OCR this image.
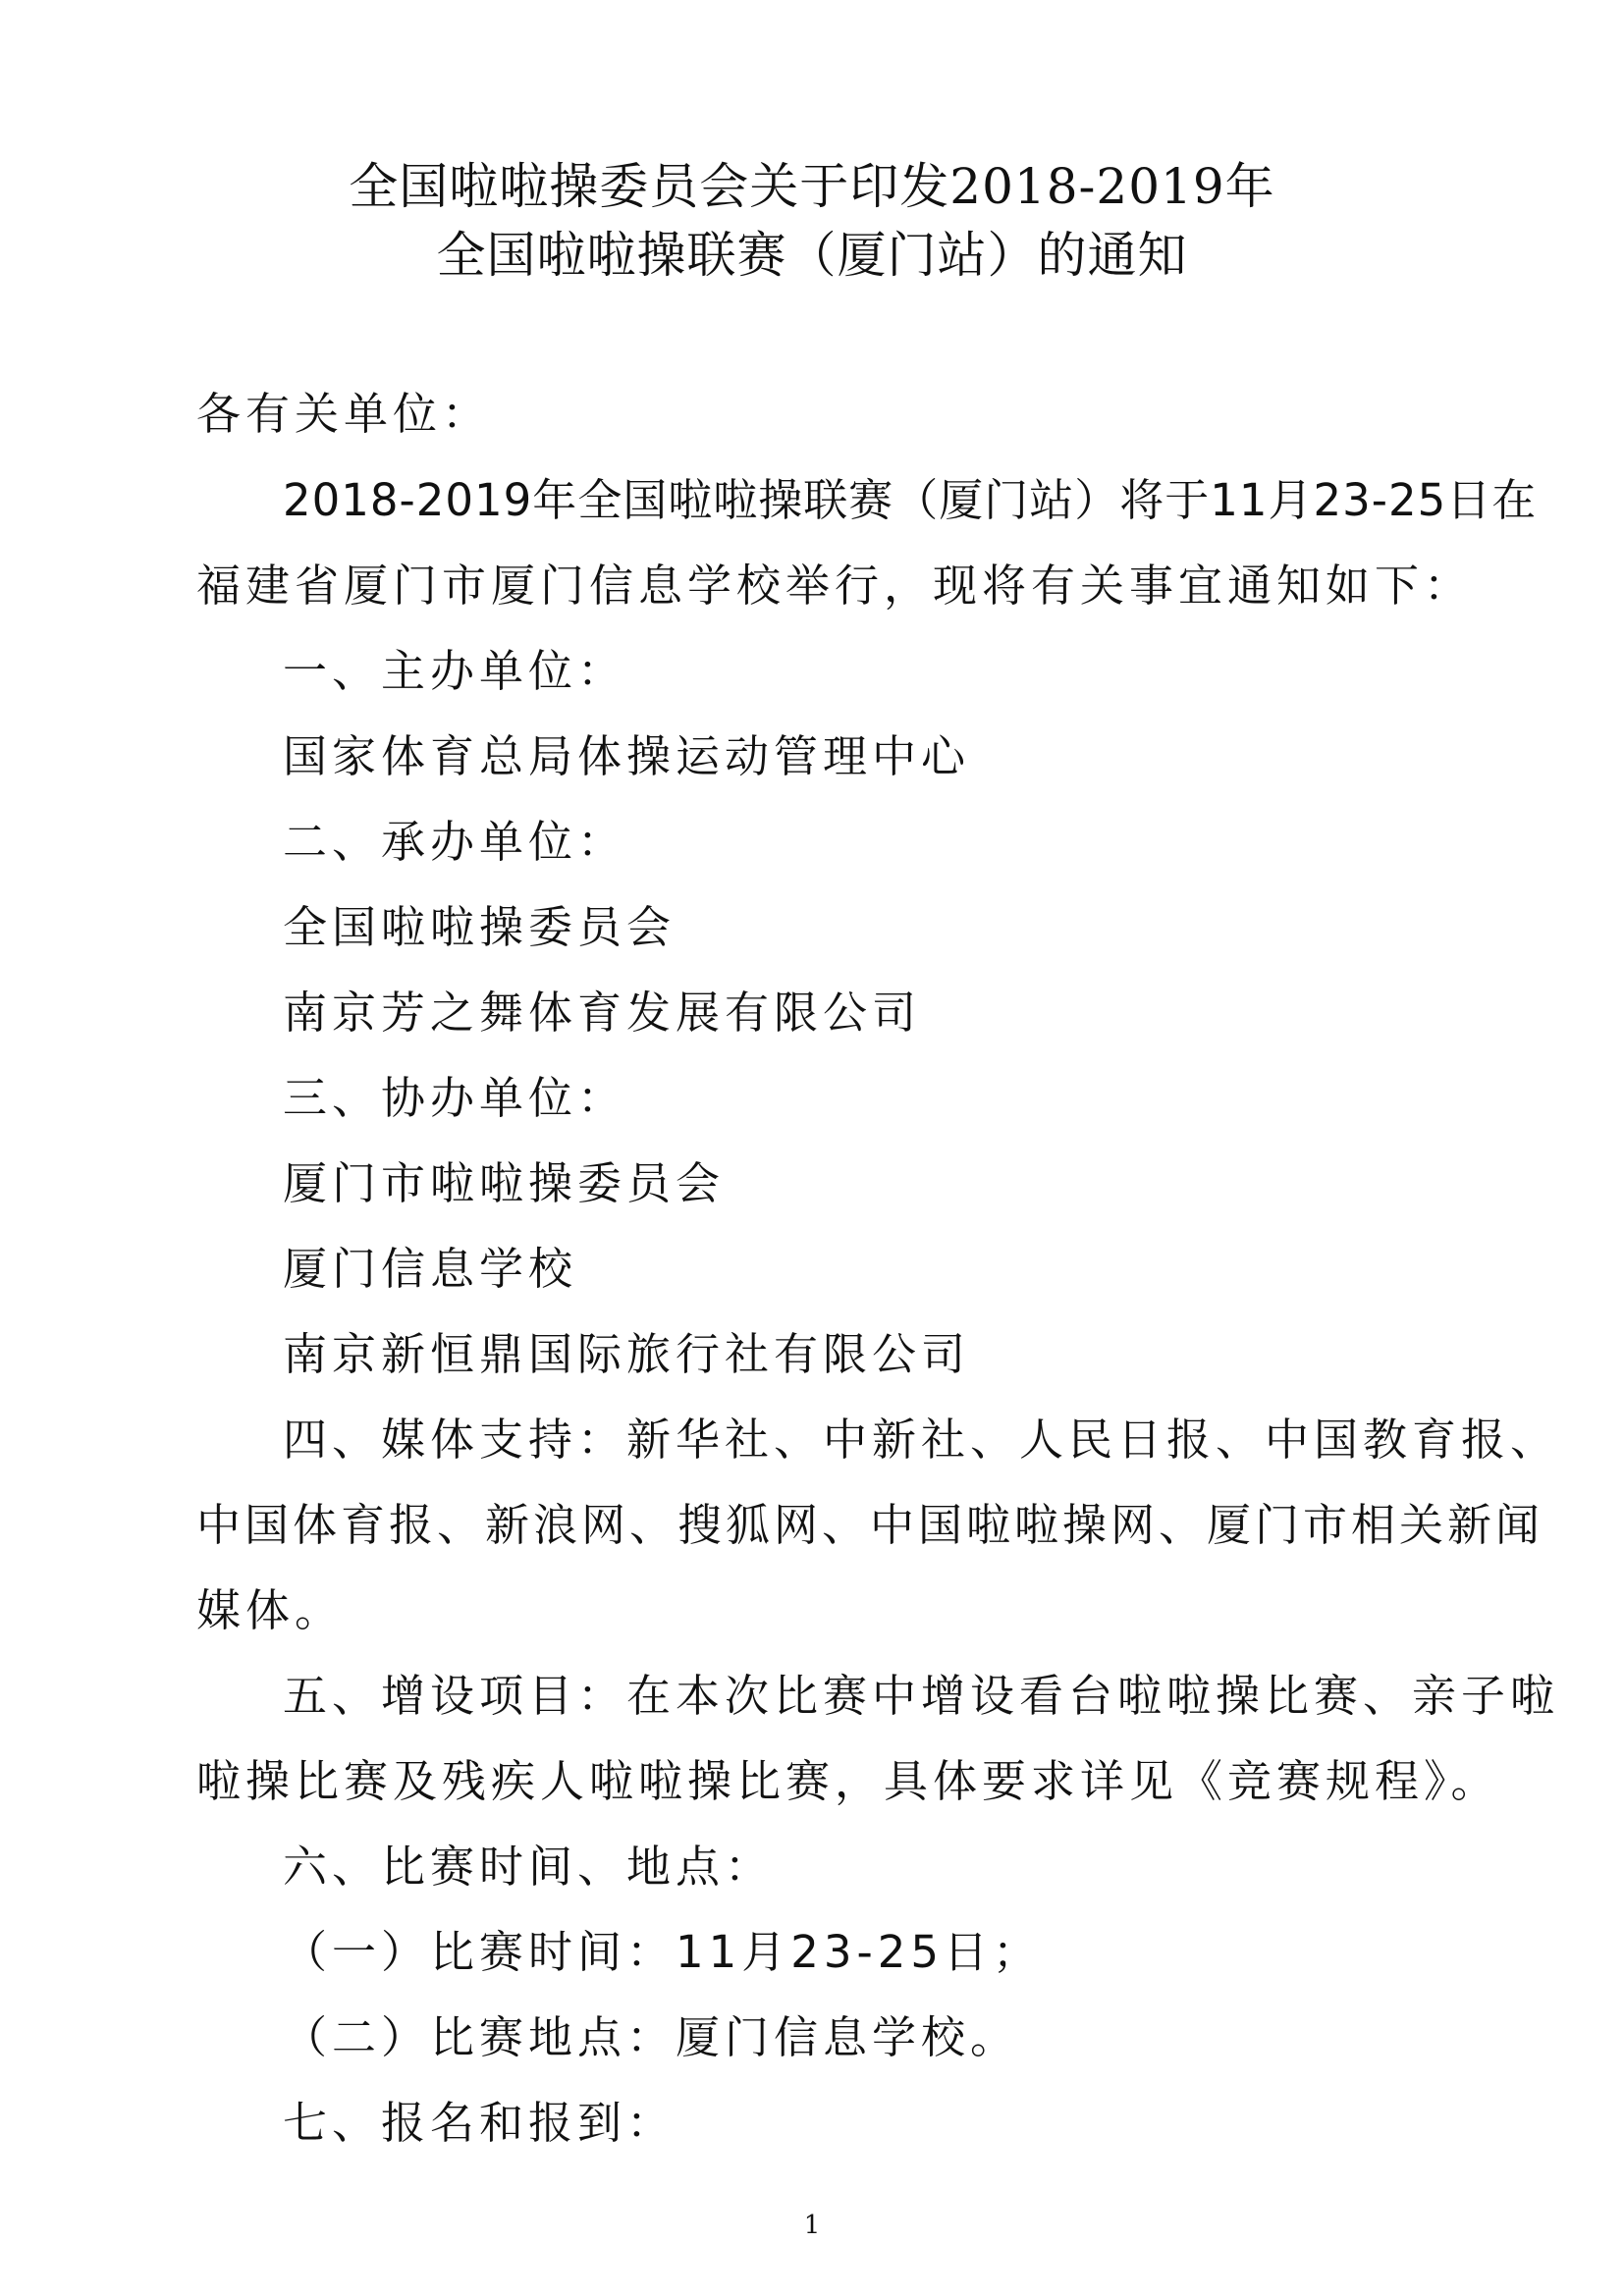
全国啦啦操委员会关于印发2018-2019年
全国啦啦操联赛（厦门站）的通知
各有关单位：
2018-2019年全国啦啦操联赛（厦门站）将于11月23-25日在
福建省厦门市厦门信息学校举行，现将有关事宜通知如下：
一、主办单位：
国家体育总局体操运动管理中心
二、承办单位：
全国啦啦操委员会
南京芳之舞体育发展有限公司
三、协办单位：
厦门市啦啦操委员会
厦门信息学校
南京新恒鼎国际旅行社有限公司
四、媒体支持：新华社、中新社、人民日报、中国教育报、
中国体育报、新浪网、搜狐网、中国啦啦操网、厦门市相关新闻
媒体。
五、增设项目：在本次比赛中增设看台啦啦操比赛、亲子啦
啦操比赛及残疾人啦啦操比赛，具体要求详见《竞赛规程》。
六、比赛时间、地点：
（一）比赛时间：11月23-25日；
（二）比赛地点：厦门信息学校。
七、报名和报到：
1
